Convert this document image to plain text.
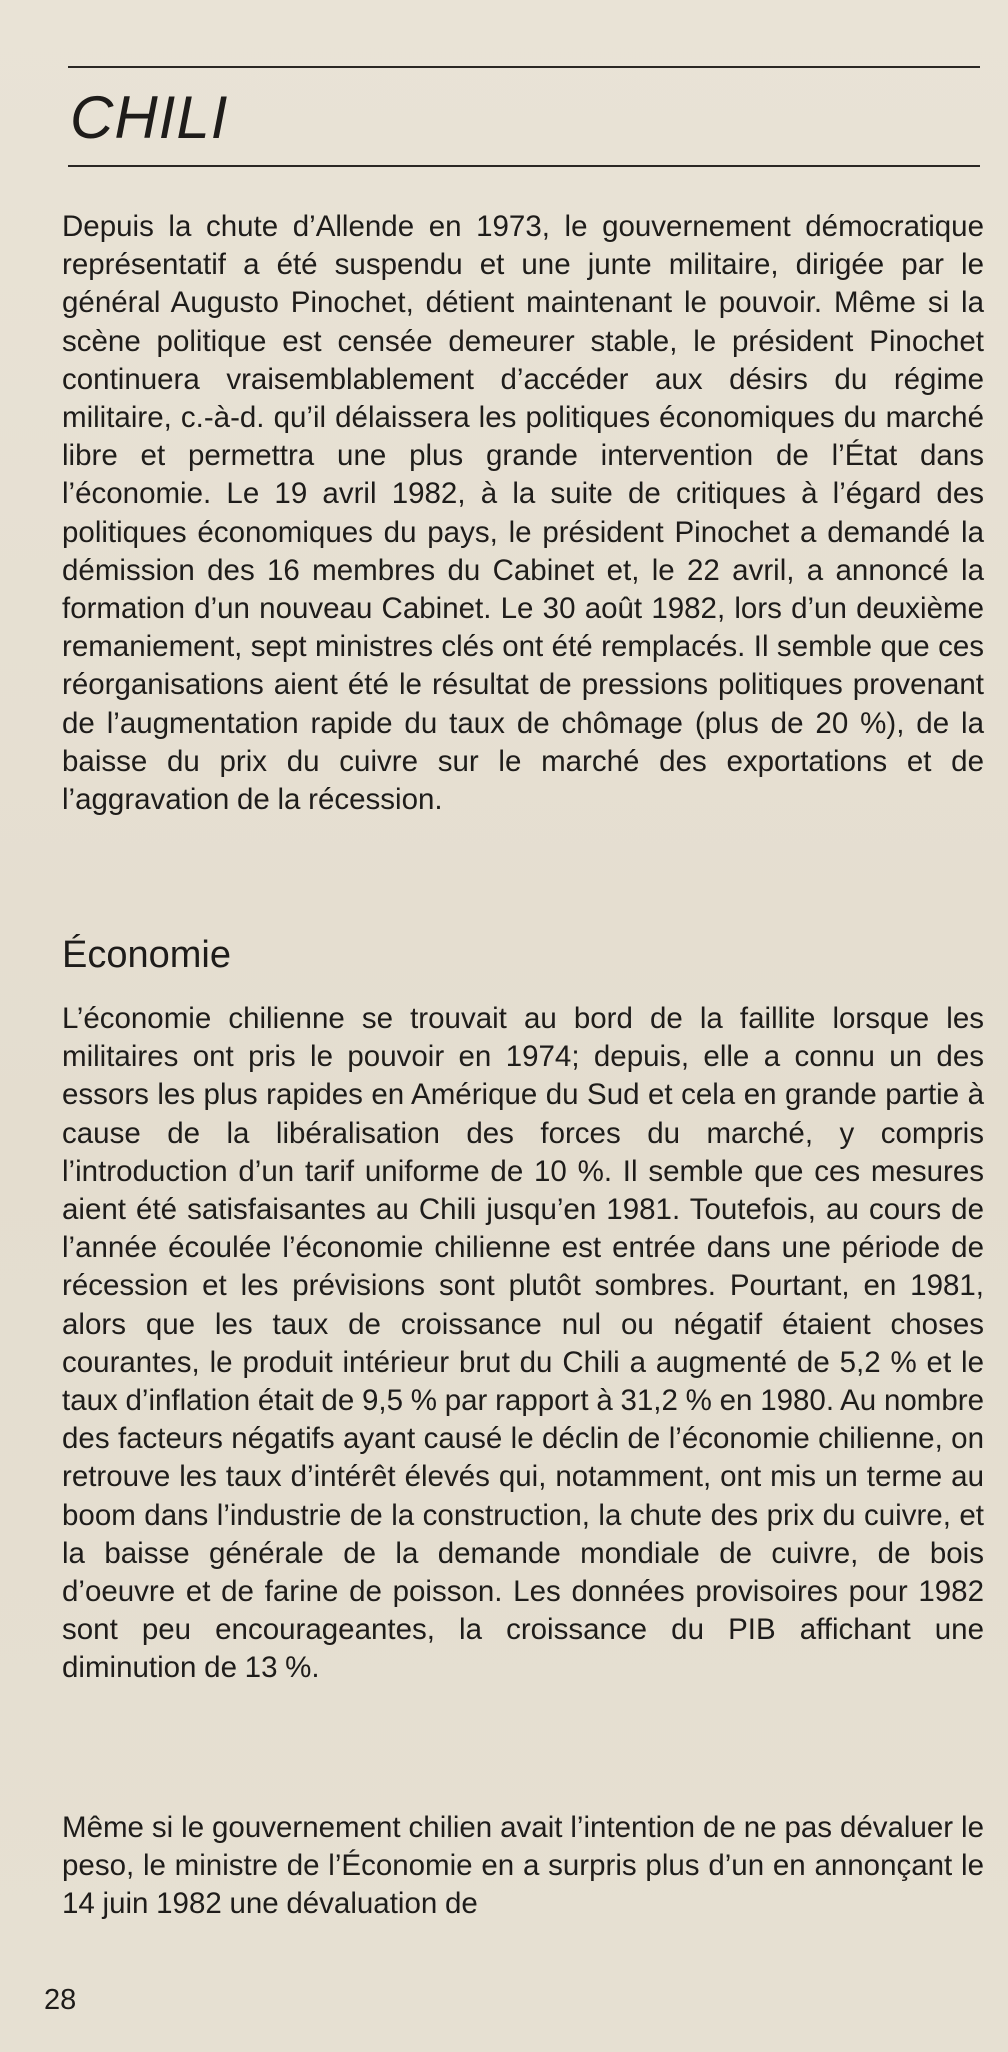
CHILI

Depuis la chute d’Allende en 1973, le gouvernement démocratique représentatif a été suspendu et une junte militaire, dirigée par le général Augusto Pinochet, détient maintenant le pouvoir. Même si la scène politique est censée demeurer stable, le président Pinochet continuera vraisemblablement d’accéder aux désirs du régime militaire, c.-à-d. qu’il délaissera les politiques économiques du marché libre et permettra une plus grande intervention de l’État dans l’économie. Le 19 avril 1982, à la suite de critiques à l’égard des politiques économiques du pays, le président Pinochet a demandé la démission des 16 membres du Cabinet et, le 22 avril, a annoncé la formation d’un nouveau Cabinet. Le 30 août 1982, lors d’un deuxième remaniement, sept ministres clés ont été remplacés. Il semble que ces réorganisations aient été le résultat de pressions politiques provenant de l’augmentation rapide du taux de chômage (plus de 20 %), de la baisse du prix du cuivre sur le marché des exportations et de l’aggravation de la récession.

Économie

L’économie chilienne se trouvait au bord de la faillite lorsque les militaires ont pris le pouvoir en 1974; depuis, elle a connu un des essors les plus rapides en Amérique du Sud et cela en grande partie à cause de la libéralisation des forces du marché, y compris l’introduction d’un tarif uniforme de 10 %. Il semble que ces mesures aient été satisfaisantes au Chili jusqu’en 1981. Toutefois, au cours de l’année écoulée l’économie chilienne est entrée dans une période de récession et les prévisions sont plutôt sombres. Pourtant, en 1981, alors que les taux de croissance nul ou négatif étaient choses courantes, le produit intérieur brut du Chili a augmenté de 5,2 % et le taux d’inflation était de 9,5 % par rapport à 31,2 % en 1980. Au nombre des facteurs négatifs ayant causé le déclin de l’économie chilienne, on retrouve les taux d’intérêt élevés qui, notamment, ont mis un terme au boom dans l’industrie de la construction, la chute des prix du cuivre, et la baisse générale de la demande mondiale de cuivre, de bois d’oeuvre et de farine de poisson. Les données provisoires pour 1982 sont peu encourageantes, la croissance du PIB affichant une diminution de 13 %.

Même si le gouvernement chilien avait l’intention de ne pas dévaluer le peso, le ministre de l’Économie en a surpris plus d’un en annonçant le 14 juin 1982 une dévaluation de

28
